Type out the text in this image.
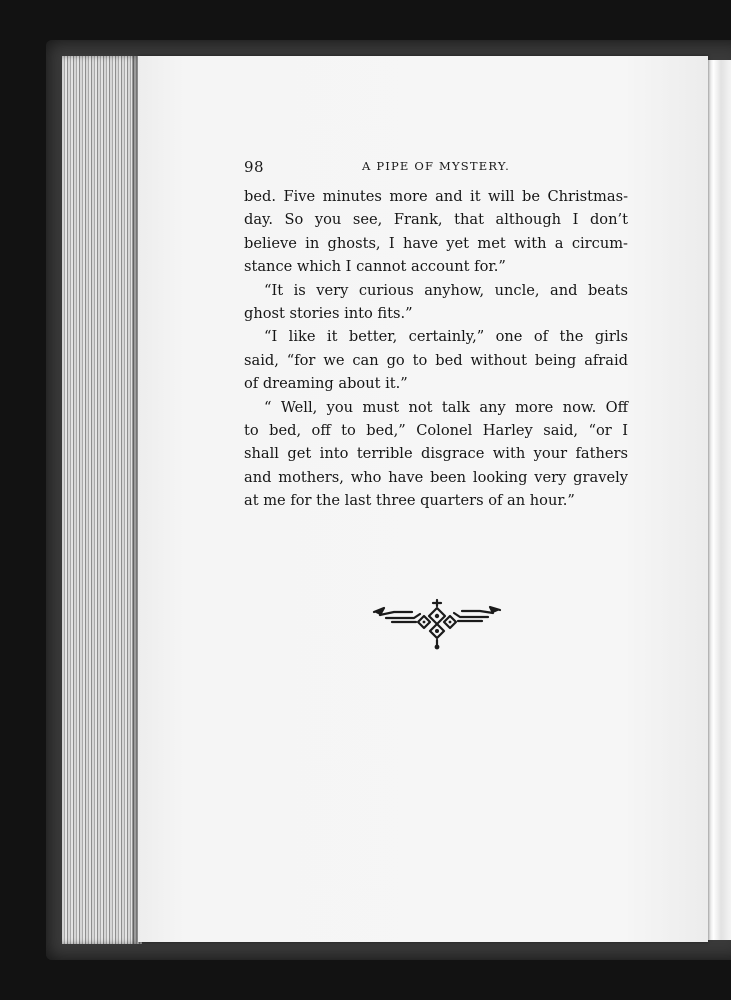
98	A PIPE OF MYSTERY.
bed. Five minutes more and it will be Christmas-
day. So you see, Frank, that although I don’t
believe in ghosts, I have yet met with a circum-
stance which I cannot account for.”
“It is very curious anyhow, uncle, and beats
ghost stories into fits.”
“I like it better, certainly,” one of the girls
said, “for we can go to bed without being afraid
of dreaming about it.”
“ Well, you must not talk any more now. Off
to bed, off to bed,” Colonel Harley said, “or I
shall get into terrible disgrace with your fathers
and mothers, who have been looking very gravely
at me for the last three quarters of an hour.”
